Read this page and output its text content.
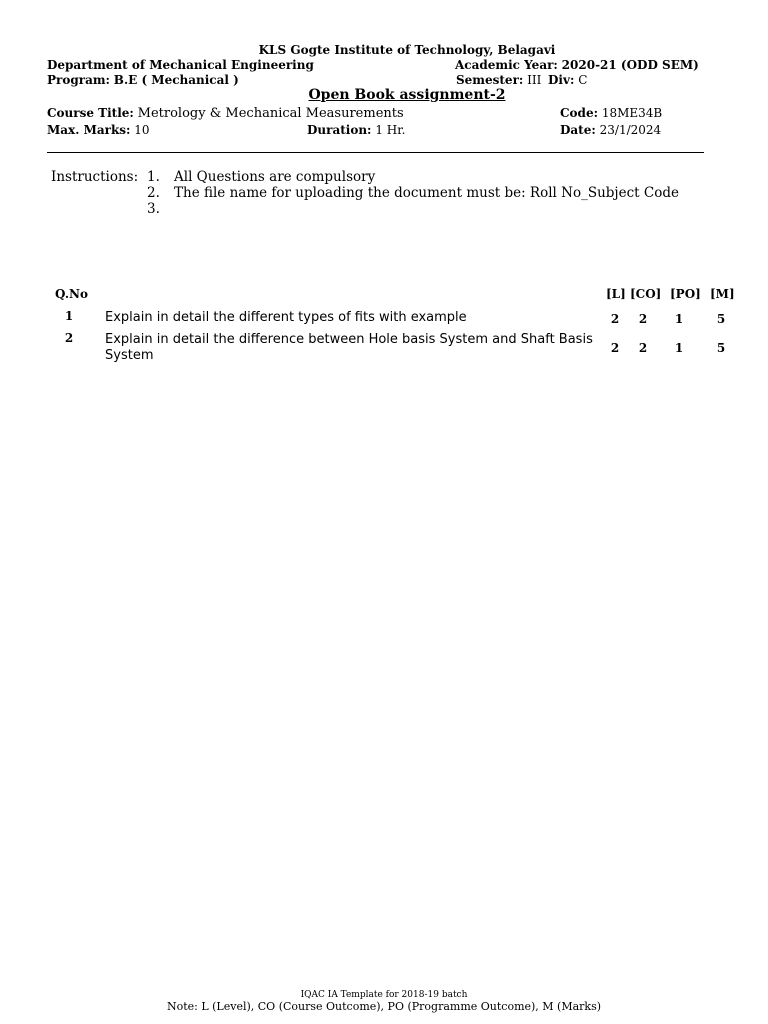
KLS Gogte Institute of Technology, Belagavi
Department of Mechanical Engineering	Academic Year: 2020-21 (ODD SEM)
Program: B.E ( Mechanical )	Semester: III Div: C
Open Book assignment-2
Course Title: Metrology & Mechanical Measurements	Code: 18ME34B
Max. Marks: 10	Duration: 1 Hr.	Date: 23/1/2024
Instructions: 1. All Questions are compulsory
2. The file name for uploading the document must be: Roll No_Subject Code
3.
Q.No	[L] [CO] [PO] [M]
1	Explain in detail the different types of fits with example	2	2	1	5
2	Explain in detail the difference between Hole basis System and Shaft Basis
System	2	2	1	5
IQAC IA Template for 2018-19 batch
Note: L (Level), CO (Course Outcome), PO (Programme Outcome), M (Marks)
